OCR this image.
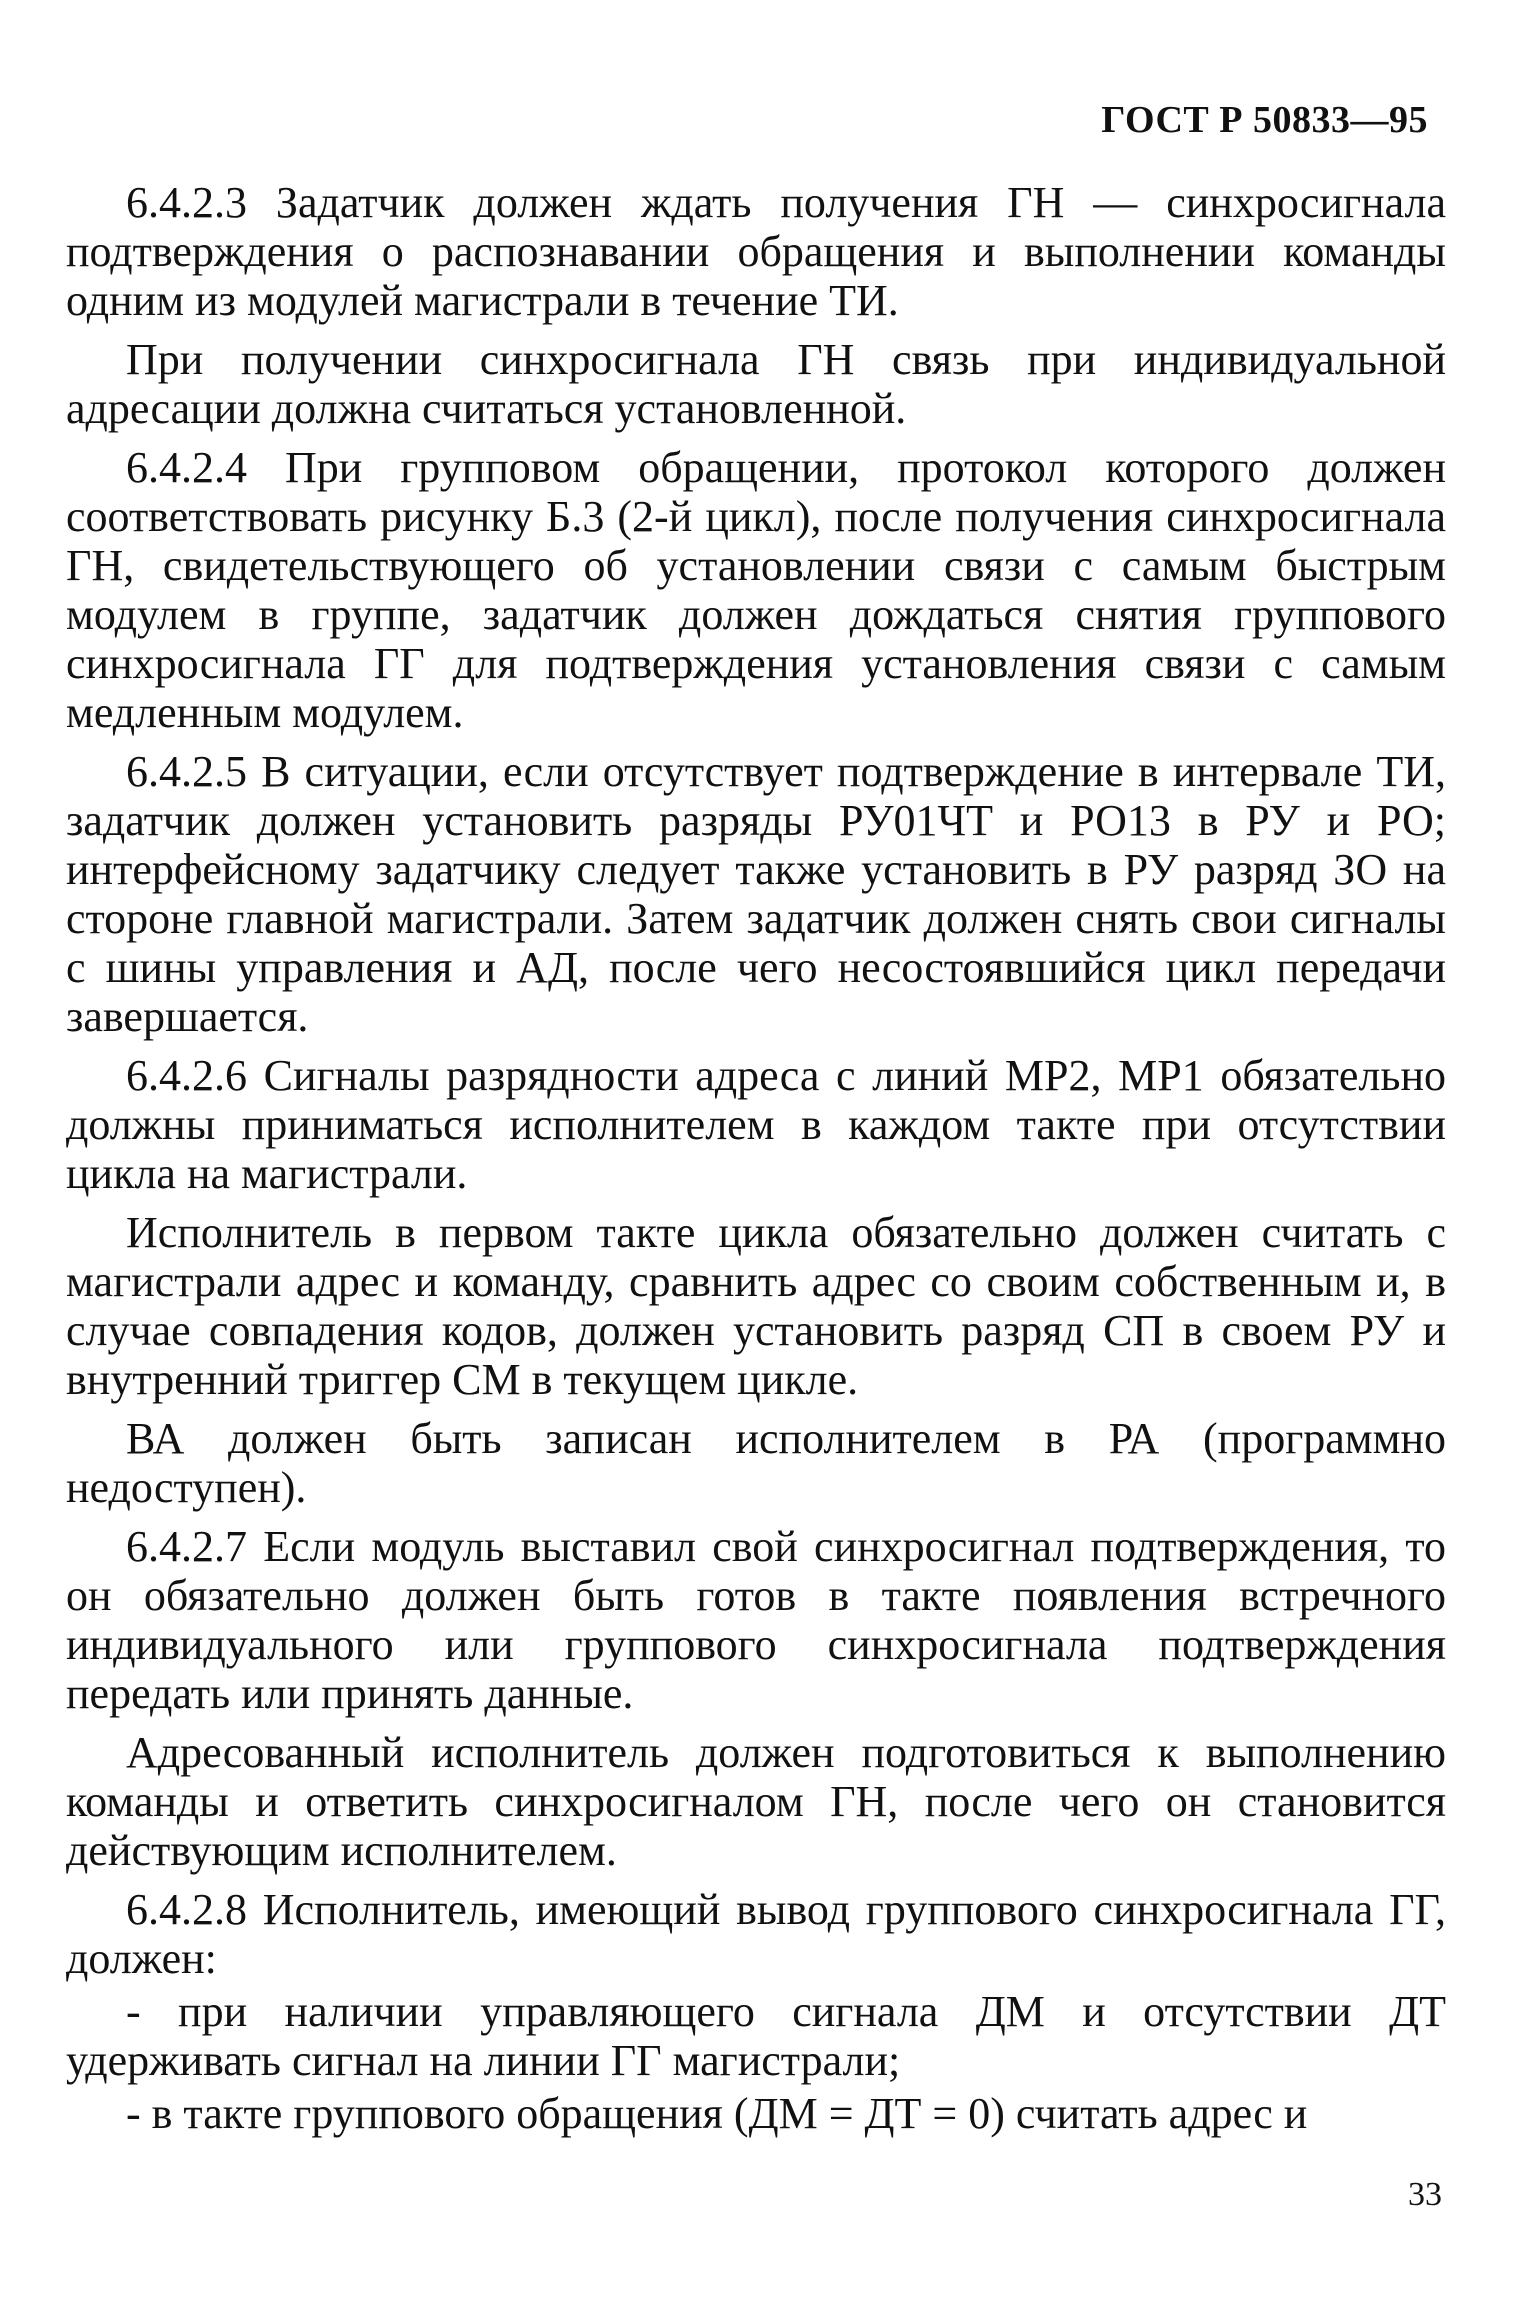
ГОСТ Р 50833—95

6.4.2.3 Задатчик должен ждать получения ГН — синхросигнала подтверждения о распознавании обращения и выполнении команды одним из модулей магистрали в течение ТИ.

При получении синхросигнала ГН связь при индивидуальной адресации должна считаться установленной.

6.4.2.4 При групповом обращении, протокол которого должен соответствовать рисунку Б.3 (2-й цикл), после получения синхросигнала ГН, свидетельствующего об установлении связи с самым быстрым модулем в группе, задатчик должен дождаться снятия группового синхросигнала ГГ для подтверждения установления связи с самым медленным модулем.

6.4.2.5 В ситуации, если отсутствует подтверждение в интервале ТИ, задатчик должен установить разряды РУ01ЧТ и РО13 в РУ и РО; интерфейсному задатчику следует также установить в РУ разряд ЗО на стороне главной магистрали. Затем задатчик должен снять свои сигналы с шины управления и АД, после чего несостоявшийся цикл передачи завершается.

6.4.2.6 Сигналы разрядности адреса с линий МР2, МР1 обязательно должны приниматься исполнителем в каждом такте при отсутствии цикла на магистрали.

Исполнитель в первом такте цикла обязательно должен считать с магистрали адрес и команду, сравнить адрес со своим собственным и, в случае совпадения кодов, должен установить разряд СП в своем РУ и внутренний триггер СМ в текущем цикле.

ВА должен быть записан исполнителем в РА (программно недоступен).

6.4.2.7 Если модуль выставил свой синхросигнал подтверждения, то он обязательно должен быть готов в такте появления встречного индивидуального или группового синхросигнала подтверждения передать или принять данные.

Адресованный исполнитель должен подготовиться к выполнению команды и ответить синхросигналом ГН, после чего он становится действующим исполнителем.

6.4.2.8 Исполнитель, имеющий вывод группового синхросигнала ГГ, должен:

- при наличии управляющего сигнала ДМ и отсутствии ДТ удерживать сигнал на линии ГГ магистрали;

- в такте группового обращения (ДМ = ДТ = 0) считать адрес и

33
